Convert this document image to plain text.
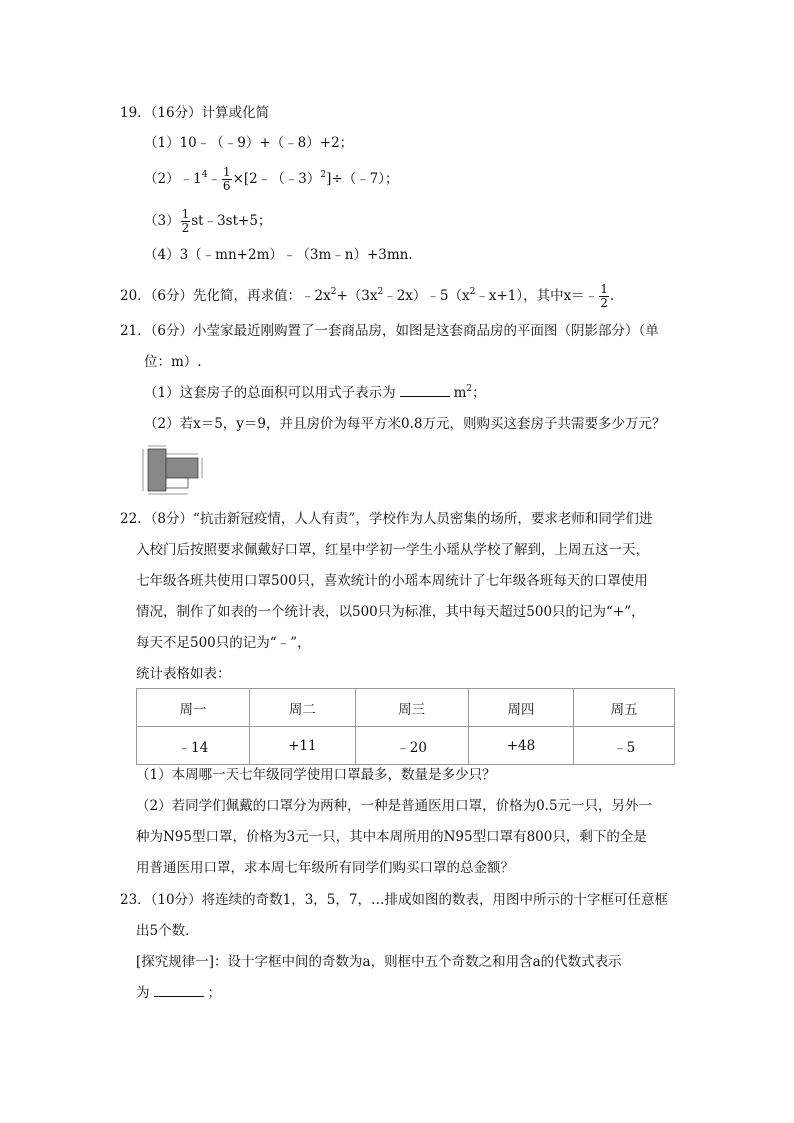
19．（16分）计算或化简
（1）10﹣（﹣9）+（﹣8）+2；
$(2)﹣1^4﹣ \frac{1}{6}$ ×[2﹣（﹣3）$^2$]÷（﹣7）；
$(3) \frac{1}{2}$ st﹣3st+5；
（4）3（﹣mn+2m）﹣（3m﹣n）+3mn.
20．（6分）先化简，再求值：$﹣2x^2+(3x^2﹣2x)﹣5(x^2﹣x+1)$，其中x＝﹣ $\frac{1}{2}$ .
21．（6分）小莹家最近刚购置了一套商品房，如图是这套商品房的平面图（阴影部分）（单
位：m）.
（1）这套房子的总面积可以用式子表示为	$m^2$；
（2）若x＝5，y＝9，并且房价为每平方米0.8万元，则购买这套房子共需要多少万元？
22．（8分）“抗击新冠疫情，人人有责”，学校作为人员密集的场所，要求老师和同学们进
入校门后按照要求佩戴好口罩，红星中学初一学生小瑶从学校了解到，上周五这一天，
七年级各班共使用口罩500只，喜欢统计的小瑶本周统计了七年级各班每天的口罩使用
情况，制作了如表的一个统计表，以500只为标准，其中每天超过500只的记为“+”，
每天不足500只的记为“﹣”，
统计表格如表：
周一	周二	周三	周四	周五
﹣14	+11	﹣20	+48	﹣5
（1）本周哪一天七年级同学使用口罩最多，数量是多少只？
（2）若同学们佩戴的口罩分为两种，一种是普通医用口罩，价格为0.5元一只，另外一
种为N95型口罩，价格为3元一只，其中本周所用的N95型口罩有800只，剩下的全是
用普通医用口罩，求本周七年级所有同学们购买口罩的总金额？
23．（10分）将连续的奇数1，3，5，7，…排成如图的数表，用图中所示的十字框可任意框
出5个数．
[探究规律一]：设十字框中间的奇数为a，则框中五个奇数之和用含a的代数式表示
为	；
